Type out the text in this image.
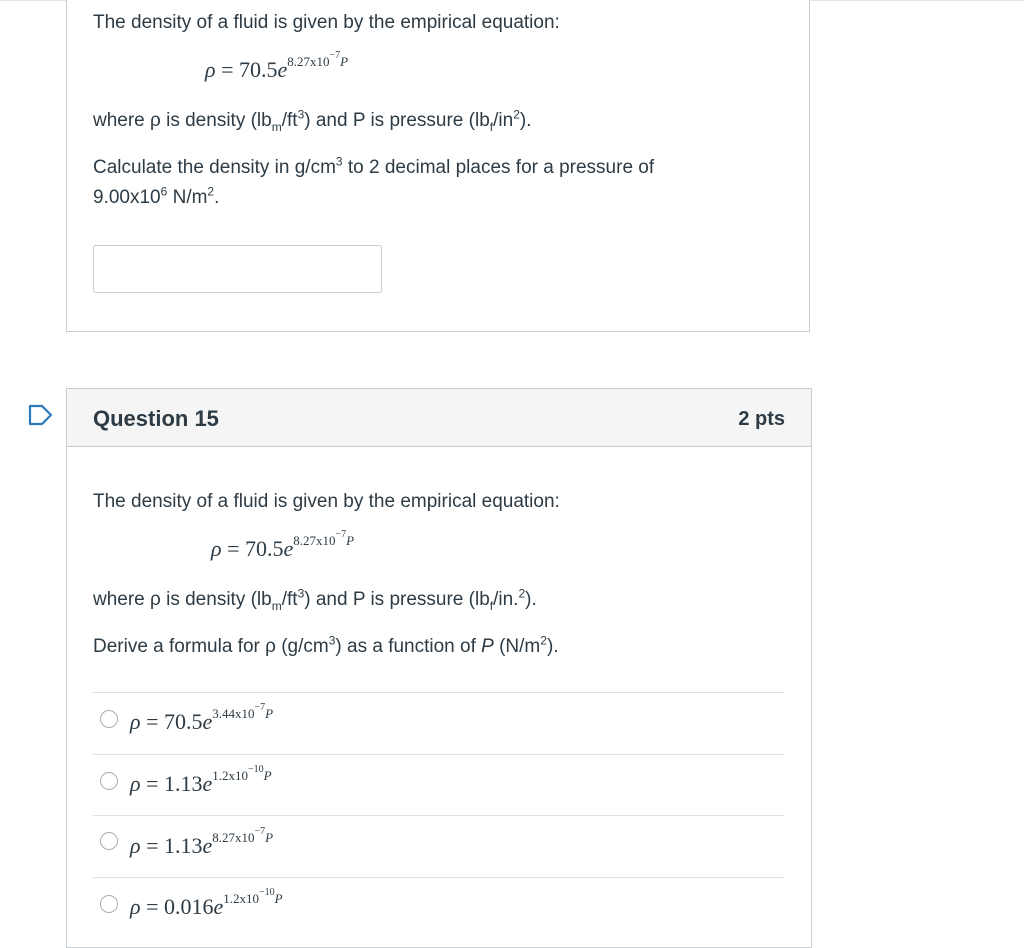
The density of a fluid is given by the empirical equation:
$\rho = 70.5e^{8.27x10^{-7}P}$
where ρ is density $(lb_m/ft^3)$ and P is pressure $(lb_f/in^2)$.
Calculate the density in $g/cm^3$ to 2 decimal places for a pressure of
$9.00x10^6$ $N/m^2$.
Question 15	2 pts
The density of a fluid is given by the empirical equation:
$\rho = 70.5e^{8.27x10^{-7}P}$
where ρ is density $(lb_m/ft^3)$ and P is pressure $(lb_f/in.^2)$.
Derive a formula for ρ $(g/cm^3)$ as a function of P $(N/m^2)$.
$\rho = 70.5e^{3.44x10^{-7}P}$
$\rho = 1.13e^{1.2x10^{-10}P}$
$\rho = 1.13e^{8.27x10^{-7}P}$
$\rho = 0.016e^{1.2x10^{-10}P}$
